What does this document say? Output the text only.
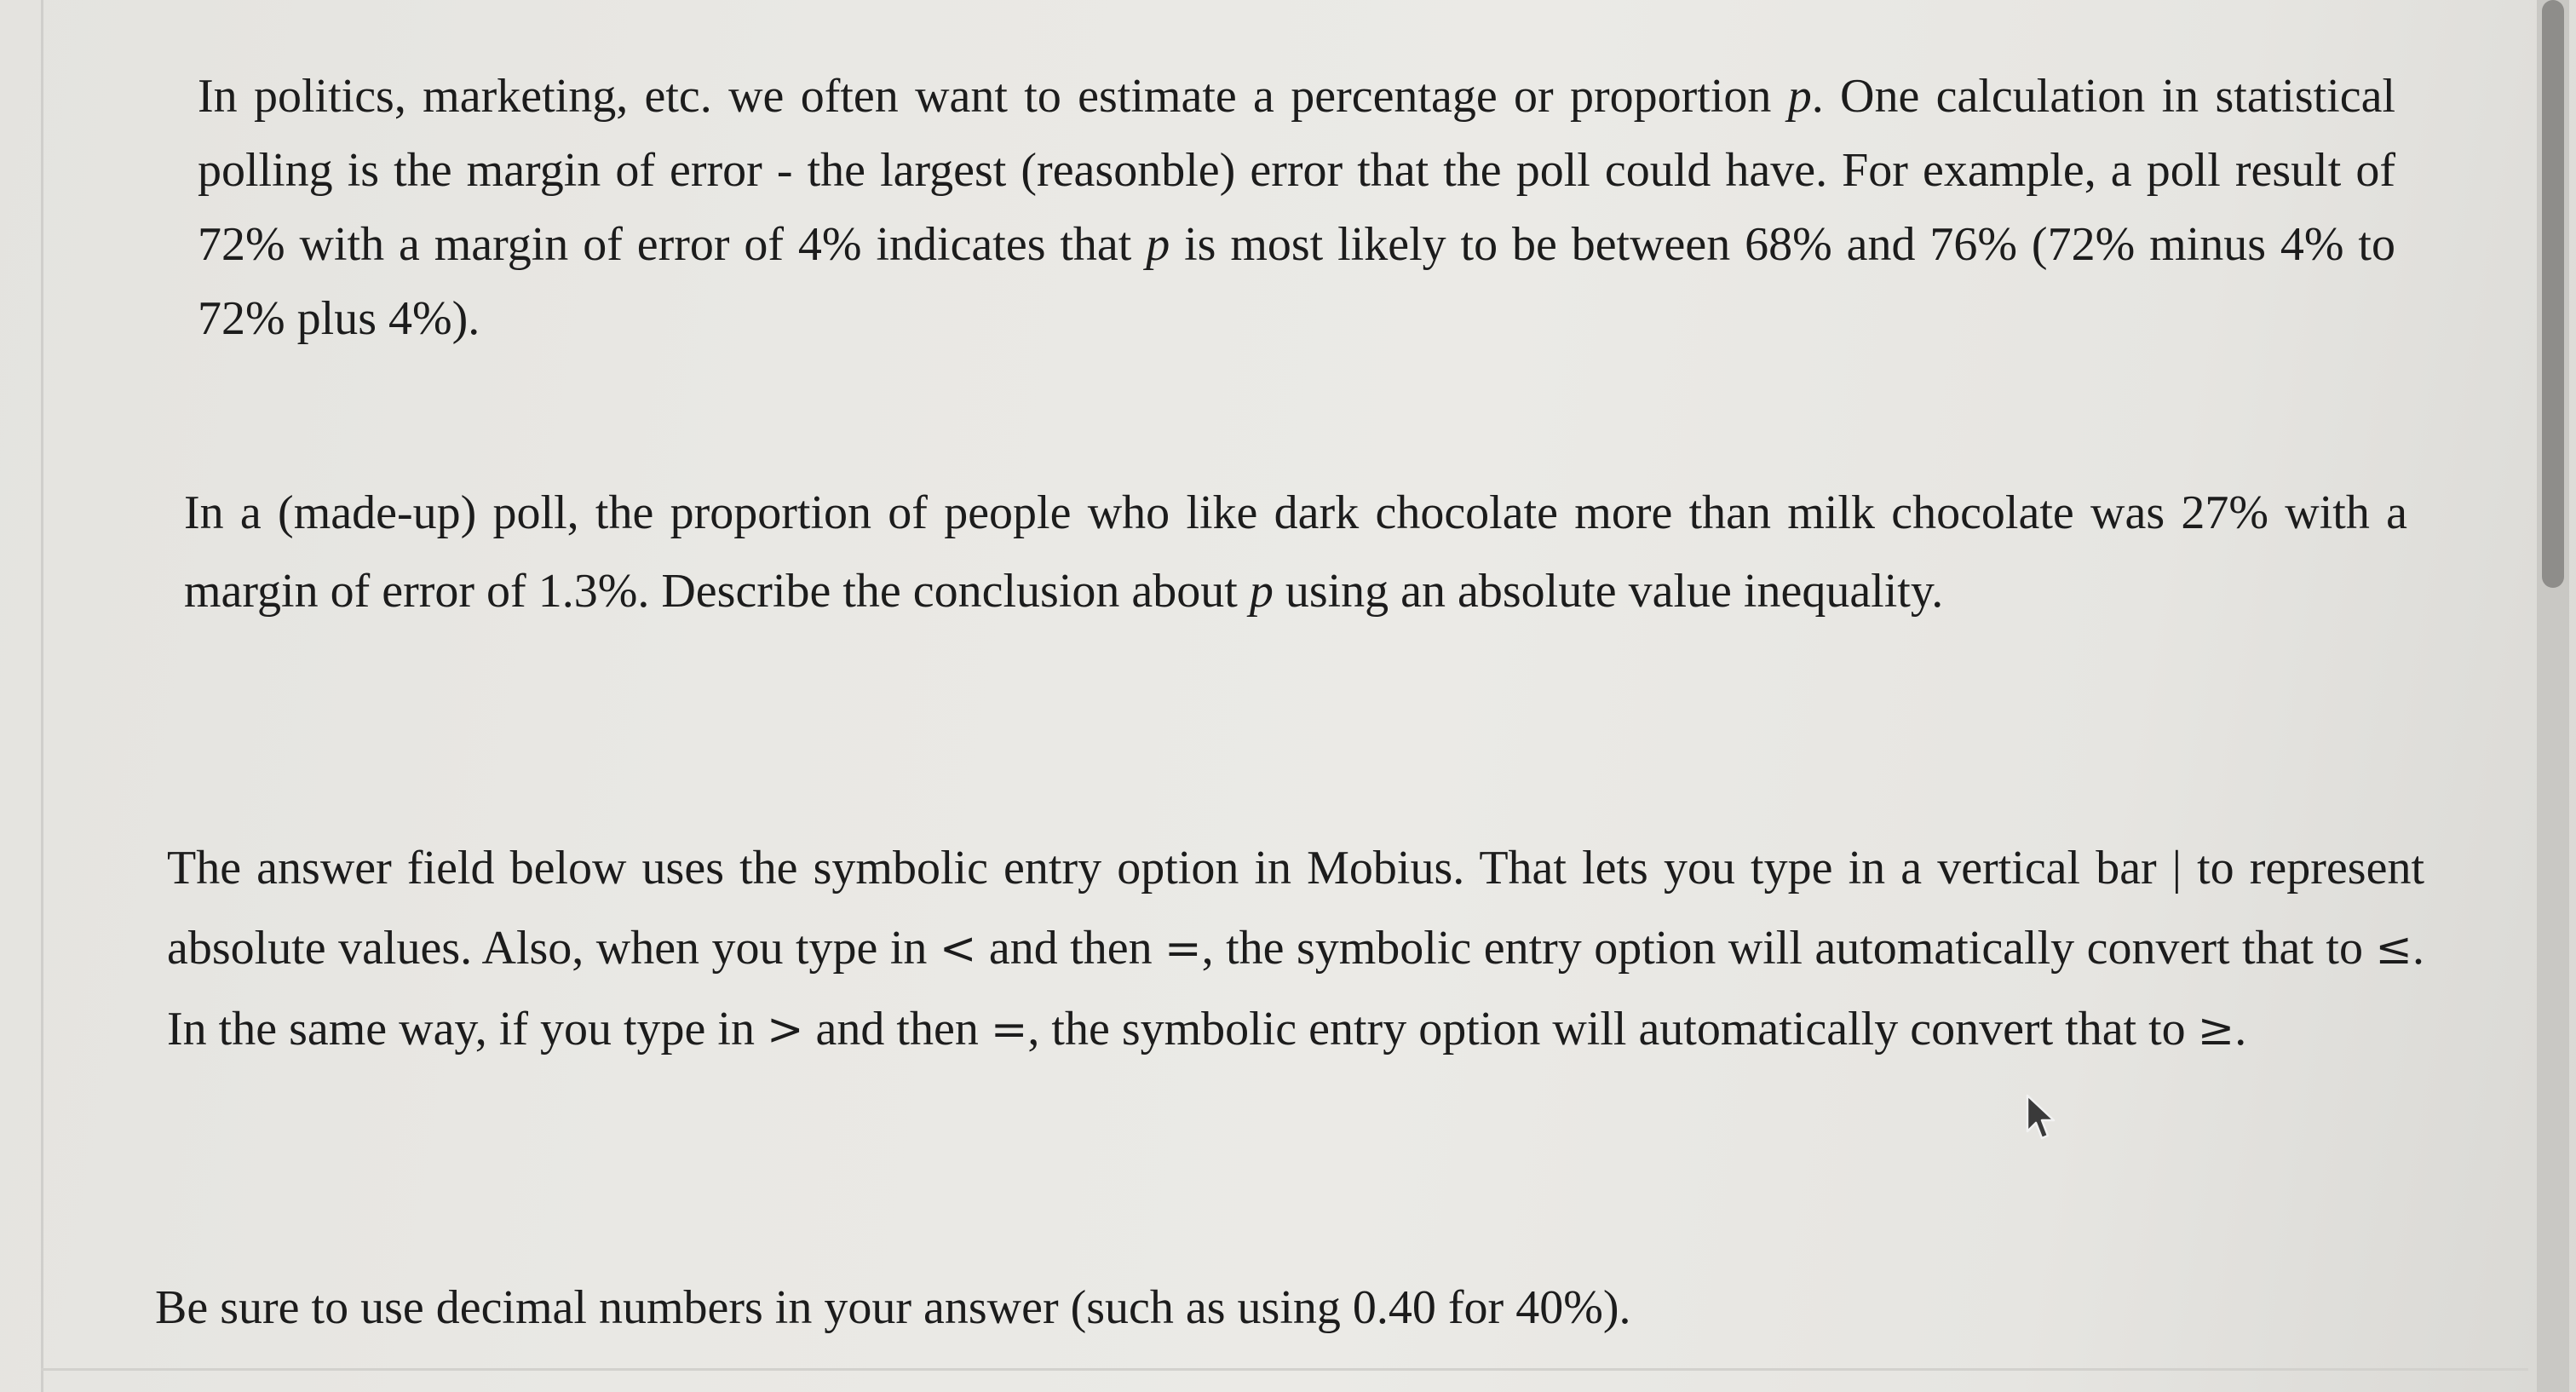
In politics, marketing, etc. we often want to estimate a percentage or proportion p. One calculation in statistical polling is the margin of error - the largest (reasonble) error that the poll could have. For example, a poll result of 72% with a margin of error of 4% indicates that p is most likely to be between 68% and 76% (72% minus 4% to 72% plus 4%).

In a (made-up) poll, the proportion of people who like dark chocolate more than milk chocolate was 27% with a margin of error of 1.3%. Describe the conclusion about p using an absolute value inequality.

The answer field below uses the symbolic entry option in Mobius. That lets you type in a vertical bar | to represent absolute values. Also, when you type in < and then =, the symbolic entry option will automatically convert that to ≤. In the same way, if you type in > and then =, the symbolic entry option will automatically convert that to ≥.

Be sure to use decimal numbers in your answer (such as using 0.40 for 40%).
